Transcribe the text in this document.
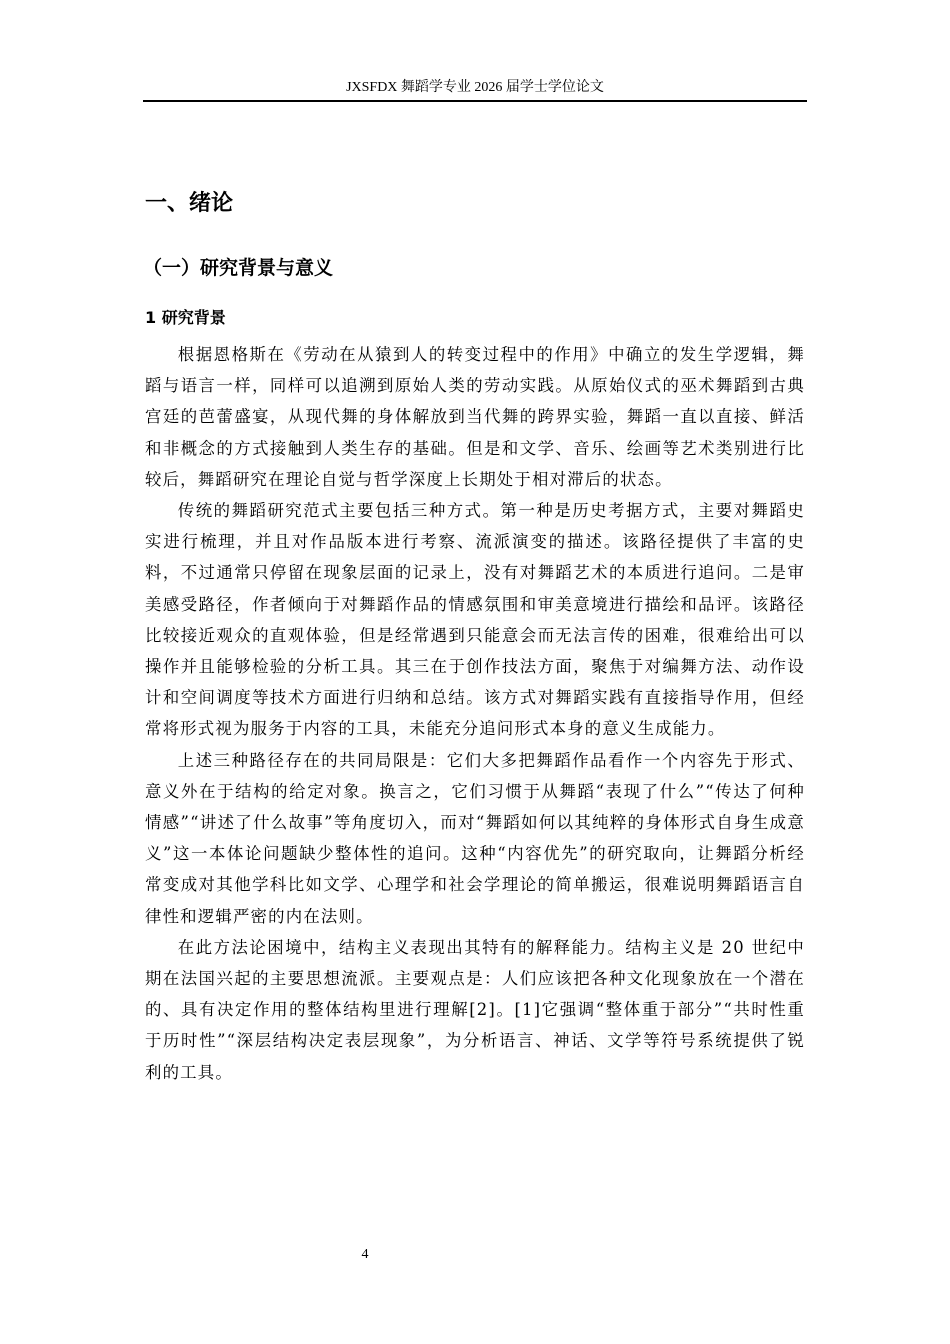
JXSFDX 舞蹈学专业 2026 届学士学位论文
一、绪论
（一）研究背景与意义
1 研究背景

根据恩格斯在《劳动在从猿到人的转变过程中的作用》中确立的发生学逻辑，舞蹈与语言一样，同样可以追溯到原始人类的劳动实践。从原始仪式的巫术舞蹈到古典宫廷的芭蕾盛宴，从现代舞的身体解放到当代舞的跨界实验，舞蹈一直以直接、鲜活和非概念的方式接触到人类生存的基础。但是和文学、音乐、绘画等艺术类别进行比较后，舞蹈研究在理论自觉与哲学深度上长期处于相对滞后的状态。

传统的舞蹈研究范式主要包括三种方式。第一种是历史考据方式，主要对舞蹈史实进行梳理，并且对作品版本进行考察、流派演变的描述。该路径提供了丰富的史料，不过通常只停留在现象层面的记录上，没有对舞蹈艺术的本质进行追问。二是审美感受路径，作者倾向于对舞蹈作品的情感氛围和审美意境进行描绘和品评。该路径比较接近观众的直观体验，但是经常遇到只能意会而无法言传的困难，很难给出可以操作并且能够检验的分析工具。其三在于创作技法方面，聚焦于对编舞方法、动作设计和空间调度等技术方面进行归纳和总结。该方式对舞蹈实践有直接指导作用，但经常将形式视为服务于内容的工具，未能充分追问形式本身的意义生成能力。

上述三种路径存在的共同局限是：它们大多把舞蹈作品看作一个内容先于形式、意义外在于结构的给定对象。换言之，它们习惯于从舞蹈“表现了什么”“传达了何种情感”“讲述了什么故事”等角度切入，而对“舞蹈如何以其纯粹的身体形式自身生成意义”这一本体论问题缺少整体性的追问。这种“内容优先”的研究取向，让舞蹈分析经常变成对其他学科比如文学、心理学和社会学理论的简单搬运，很难说明舞蹈语言自律性和逻辑严密的内在法则。

在此方法论困境中，结构主义表现出其特有的解释能力。结构主义是 20 世纪中期在法国兴起的主要思想流派。主要观点是：人们应该把各种文化现象放在一个潜在的、具有决定作用的整体结构里进行理解[2]。[1]它强调“整体重于部分”“共时性重于历时性”“深层结构决定表层现象”，为分析语言、神话、文学等符号系统提供了锐利的工具。

4
